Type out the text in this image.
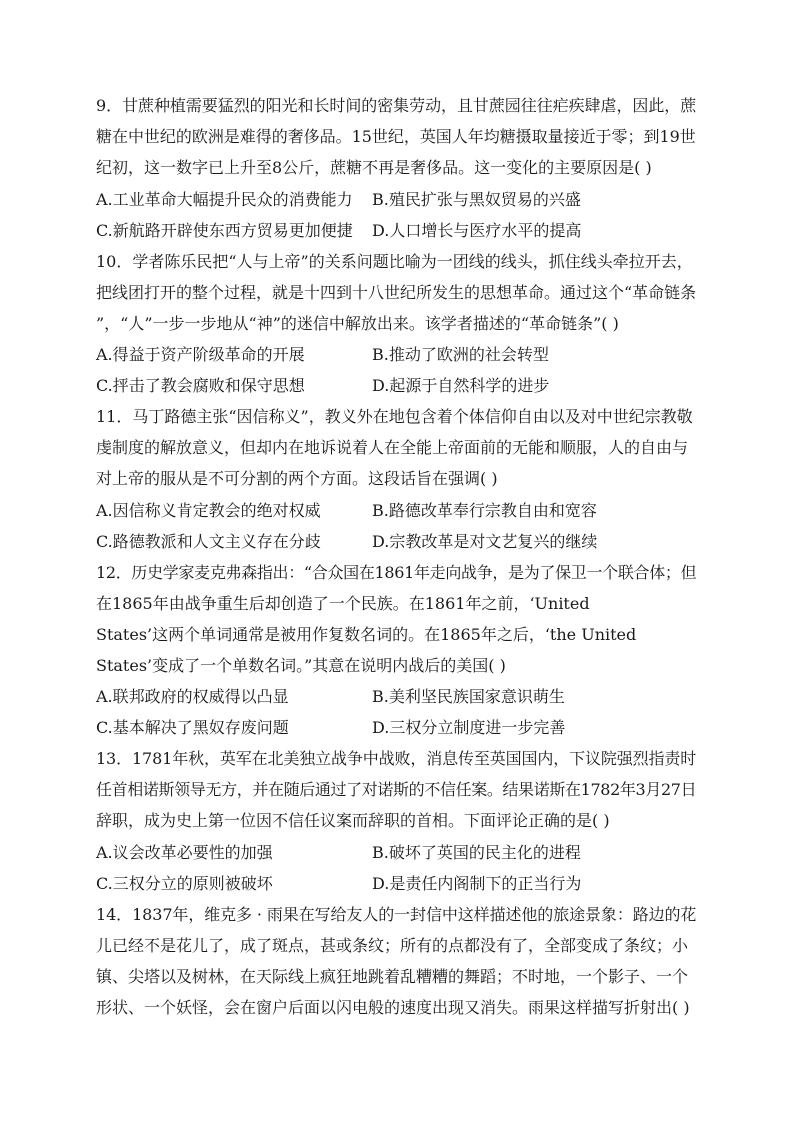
9．甘蔗种植需要猛烈的阳光和长时间的密集劳动，且甘蔗园往往疟疾肆虐，因此，蔗
糖在中世纪的欧洲是难得的奢侈品。15世纪，英国人年均糖摄取量接近于零；到19世
纪初，这一数字已上升至8公斤，蔗糖不再是奢侈品。这一变化的主要原因是( )
A.工业革命大幅提升民众的消费能力 B.殖民扩张与黑奴贸易的兴盛
C.新航路开辟使东西方贸易更加便捷 D.人口增长与医疗水平的提高
10．学者陈乐民把“人与上帝”的关系问题比喻为一团线的线头，抓住线头牵拉开去，
把线团打开的整个过程，就是十四到十八世纪所发生的思想革命。通过这个“革命链条
”，“人”一步一步地从“神”的迷信中解放出来。该学者描述的“革命链条”( )
A.得益于资产阶级革命的开展	B.推动了欧洲的社会转型
C.抨击了教会腐败和保守思想	D.起源于自然科学的进步
11．马丁路德主张“因信称义”，教义外在地包含着个体信仰自由以及对中世纪宗教敬
虔制度的解放意义，但却内在地诉说着人在全能上帝面前的无能和顺服，人的自由与
对上帝的服从是不可分割的两个方面。这段话旨在强调( )
A.因信称义肯定教会的绝对权威	B.路德改革奉行宗教自由和宽容
C.路德教派和人文主义存在分歧	D.宗教改革是对文艺复兴的继续
12．历史学家麦克弗森指出：“合众国在1861年走向战争，是为了保卫一个联合体；但
在1865年由战争重生后却创造了一个民族。在1861年之前，‘United
States’这两个单词通常是被用作复数名词的。在1865年之后，‘the United
States’变成了一个单数名词。”其意在说明内战后的美国( )
A.联邦政府的权威得以凸显	B.美利坚民族国家意识萌生
C.基本解决了黑奴存废问题	D.三权分立制度进一步完善
13．1781年秋，英军在北美独立战争中战败，消息传至英国国内，下议院强烈指责时
任首相诺斯领导无方，并在随后通过了对诺斯的不信任案。结果诺斯在1782年3月27日
辞职，成为史上第一位因不信任议案而辞职的首相。下面评论正确的是( )
A.议会改革必要性的加强	B.破坏了英国的民主化的进程
C.三权分立的原则被破坏	D.是责任内阁制下的正当行为
14．1837年，维克多 · 雨果在写给友人的一封信中这样描述他的旅途景象：路边的花
儿已经不是花儿了，成了斑点，甚或条纹；所有的点都没有了，全部变成了条纹；小
镇、尖塔以及树林，在天际线上疯狂地跳着乱糟糟的舞蹈；不时地，一个影子、一个
形状、一个妖怪，会在窗户后面以闪电般的速度出现又消失。雨果这样描写折射出( )
